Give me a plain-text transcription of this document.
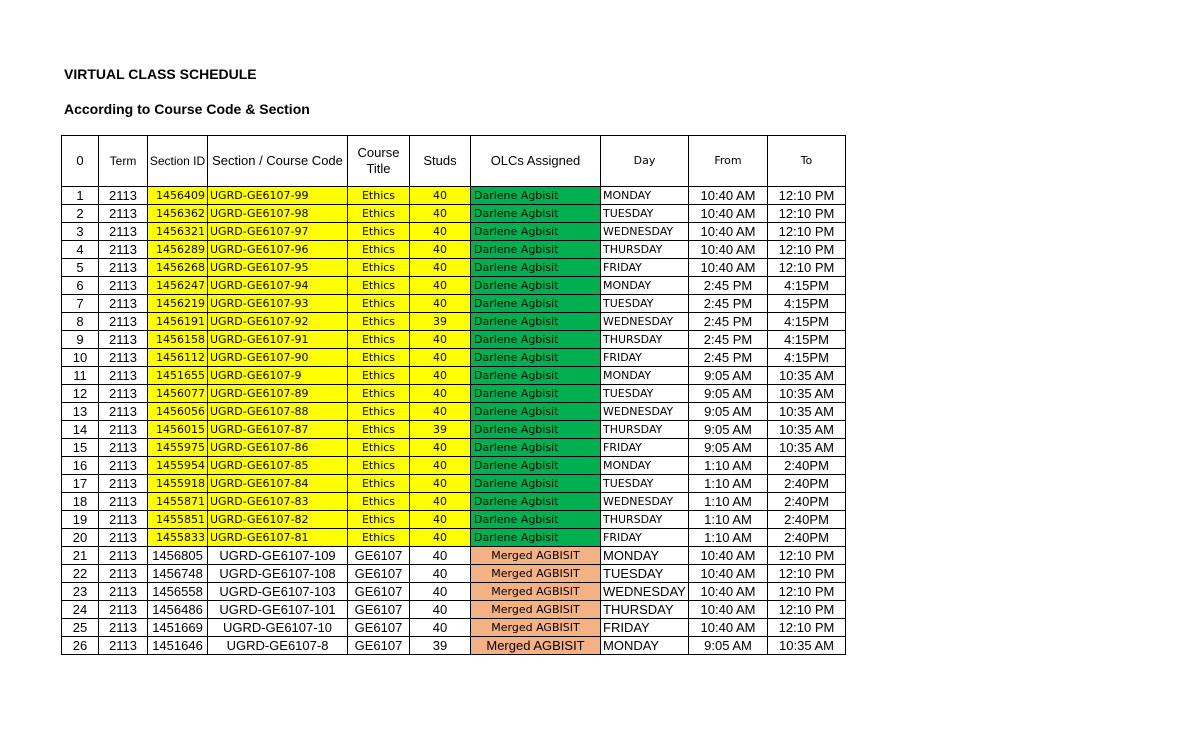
VIRTUAL CLASS SCHEDULE
According to Course Code & Section
0	Term	Section ID	Section / Course Code	Course Title	Studs	OLCs Assigned	Day	From	To
1	2113	1456409	UGRD-GE6107-99	Ethics	40	Darlene Agbisit	MONDAY	10:40 AM	12:10 PM
2	2113	1456362	UGRD-GE6107-98	Ethics	40	Darlene Agbisit	TUESDAY	10:40 AM	12:10 PM
3	2113	1456321	UGRD-GE6107-97	Ethics	40	Darlene Agbisit	WEDNESDAY	10:40 AM	12:10 PM
4	2113	1456289	UGRD-GE6107-96	Ethics	40	Darlene Agbisit	THURSDAY	10:40 AM	12:10 PM
5	2113	1456268	UGRD-GE6107-95	Ethics	40	Darlene Agbisit	FRIDAY	10:40 AM	12:10 PM
6	2113	1456247	UGRD-GE6107-94	Ethics	40	Darlene Agbisit	MONDAY	2:45 PM	4:15PM
7	2113	1456219	UGRD-GE6107-93	Ethics	40	Darlene Agbisit	TUESDAY	2:45 PM	4:15PM
8	2113	1456191	UGRD-GE6107-92	Ethics	39	Darlene Agbisit	WEDNESDAY	2:45 PM	4:15PM
9	2113	1456158	UGRD-GE6107-91	Ethics	40	Darlene Agbisit	THURSDAY	2:45 PM	4:15PM
10	2113	1456112	UGRD-GE6107-90	Ethics	40	Darlene Agbisit	FRIDAY	2:45 PM	4:15PM
11	2113	1451655	UGRD-GE6107-9	Ethics	40	Darlene Agbisit	MONDAY	9:05 AM	10:35 AM
12	2113	1456077	UGRD-GE6107-89	Ethics	40	Darlene Agbisit	TUESDAY	9:05 AM	10:35 AM
13	2113	1456056	UGRD-GE6107-88	Ethics	40	Darlene Agbisit	WEDNESDAY	9:05 AM	10:35 AM
14	2113	1456015	UGRD-GE6107-87	Ethics	39	Darlene Agbisit	THURSDAY	9:05 AM	10:35 AM
15	2113	1455975	UGRD-GE6107-86	Ethics	40	Darlene Agbisit	FRIDAY	9:05 AM	10:35 AM
16	2113	1455954	UGRD-GE6107-85	Ethics	40	Darlene Agbisit	MONDAY	1:10 AM	2:40PM
17	2113	1455918	UGRD-GE6107-84	Ethics	40	Darlene Agbisit	TUESDAY	1:10 AM	2:40PM
18	2113	1455871	UGRD-GE6107-83	Ethics	40	Darlene Agbisit	WEDNESDAY	1:10 AM	2:40PM
19	2113	1455851	UGRD-GE6107-82	Ethics	40	Darlene Agbisit	THURSDAY	1:10 AM	2:40PM
20	2113	1455833	UGRD-GE6107-81	Ethics	40	Darlene Agbisit	FRIDAY	1:10 AM	2:40PM
21	2113	1456805	UGRD-GE6107-109	GE6107	40	Merged AGBISIT	MONDAY	10:40 AM	12:10 PM
22	2113	1456748	UGRD-GE6107-108	GE6107	40	Merged AGBISIT	TUESDAY	10:40 AM	12:10 PM
23	2113	1456558	UGRD-GE6107-103	GE6107	40	Merged AGBISIT	WEDNESDAY	10:40 AM	12:10 PM
24	2113	1456486	UGRD-GE6107-101	GE6107	40	Merged AGBISIT	THURSDAY	10:40 AM	12:10 PM
25	2113	1451669	UGRD-GE6107-10	GE6107	40	Merged AGBISIT	FRIDAY	10:40 AM	12:10 PM
26	2113	1451646	UGRD-GE6107-8	GE6107	39	Merged AGBISIT	MONDAY	9:05 AM	10:35 AM
